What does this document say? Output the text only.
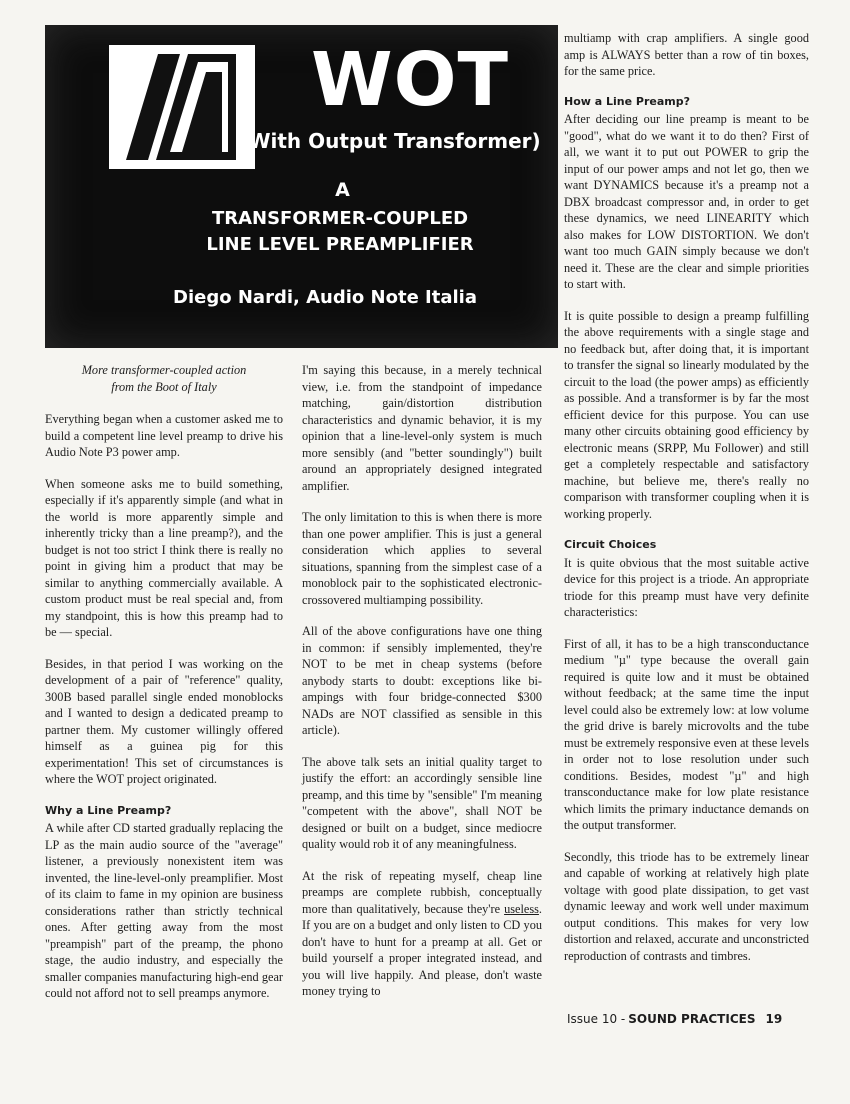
WOT
(With Output Transformer)
A
TRANSFORMER-COUPLED
LINE LEVEL PREAMPLIFIER
Diego Nardi, Audio Note Italia
More transformer-coupled action
from the Boot of Italy

Everything began when a customer asked me to build a competent line level preamp to drive his Audio Note P3 power amp.

When someone asks me to build something, especially if it's apparently simple (and what in the world is more apparently simple and inherently tricky than a line preamp?), and the budget is not too strict I think there is really no point in giving him a product that may be similar to anything commercially available. A custom product must be real special and, from my standpoint, this is how this preamp had to be — special.

Besides, in that period I was working on the development of a pair of "reference" quality, 300B based parallel single ended monoblocks and I wanted to design a dedicated preamp to partner them. My customer willingly offered himself as a guinea pig for this experimentation! This set of circumstances is where the WOT project originated.

Why a Line Preamp?

A while after CD started gradually replacing the LP as the main audio source of the "average" listener, a previously nonexistent item was invented, the line-level-only preamplifier. Most of its claim to fame in my opinion are business considerations rather than strictly technical ones. After getting away from the most "preampish" part of the preamp, the phono stage, the audio industry, and especially the smaller companies manufacturing high-end gear could not afford not to sell preamps anymore.

I'm saying this because, in a merely technical view, i.e. from the standpoint of impedance matching, gain/distortion distribution characteristics and dynamic behavior, it is my opinion that a line-level-only system is much more sensibly (and "better soundingly") built around an appropriately designed integrated amplifier.

The only limitation to this is when there is more than one power amplifier. This is just a general consideration which applies to several situations, spanning from the simplest case of a monoblock pair to the sophisticated electronic-crossovered multiamping possibility.

All of the above configurations have one thing in common: if sensibly implemented, they're NOT to be met in cheap systems (before anybody starts to doubt: exceptions like bi-ampings with four bridge-connected $300 NADs are NOT classified as sensible in this article).

The above talk sets an initial quality target to justify the effort: an accordingly sensible line preamp, and this time by "sensible" I'm meaning "competent with the above", shall NOT be designed or built on a budget, since mediocre quality would rob it of any meaningfulness.

At the risk of repeating myself, cheap line preamps are complete rubbish, conceptually more than qualitatively, because they're useless. If you are on a budget and only listen to CD you don't have to hunt for a preamp at all. Get or build yourself a proper integrated instead, and you will live happily. And please, don't waste money trying to

multiamp with crap amplifiers. A single good amp is ALWAYS better than a row of tin boxes, for the same price.

How a Line Preamp?

After deciding our line preamp is meant to be "good", what do we want it to do then? First of all, we want it to put out POWER to grip the input of our power amps and not let go, then we want DYNAMICS because it's a preamp not a DBX broadcast compressor and, in order to get these dynamics, we need LINEARITY which also makes for LOW DISTORTION. We don't want too much GAIN simply because we don't need it. These are the clear and simple priorities to start with.

It is quite possible to design a preamp fulfilling the above requirements with a single stage and no feedback but, after doing that, it is important to transfer the signal so linearly modulated by the circuit to the load (the power amps) as efficiently as possible. And a transformer is by far the most efficient device for this purpose. You can use many other circuits obtaining good efficiency by electronic means (SRPP, Mu Follower) and still get a completely respectable and satisfactory machine, but believe me, there's really no comparison with transformer coupling when it is working properly.

Circuit Choices

It is quite obvious that the most suitable active device for this project is a triode. An appropriate triode for this preamp must have very definite characteristics:

First of all, it has to be a high transconductance medium "µ" type because the overall gain required is quite low and it must be obtained without feedback; at the same time the input level could also be extremely low: at low volume the grid drive is barely microvolts and the tube must be extremely responsive even at these levels in order not to lose resolution under such conditions. Besides, modest "µ" and high transconductance make for low plate resistance which limits the primary inductance demands on the output transformer.

Secondly, this triode has to be extremely linear and capable of working at relatively high plate voltage with good plate dissipation, to get vast dynamic leeway and work well under maximum output conditions. This makes for very low distortion and relaxed, accurate and unconstricted reproduction of contrasts and timbres.

Issue 10 - SOUND PRACTICES 19
